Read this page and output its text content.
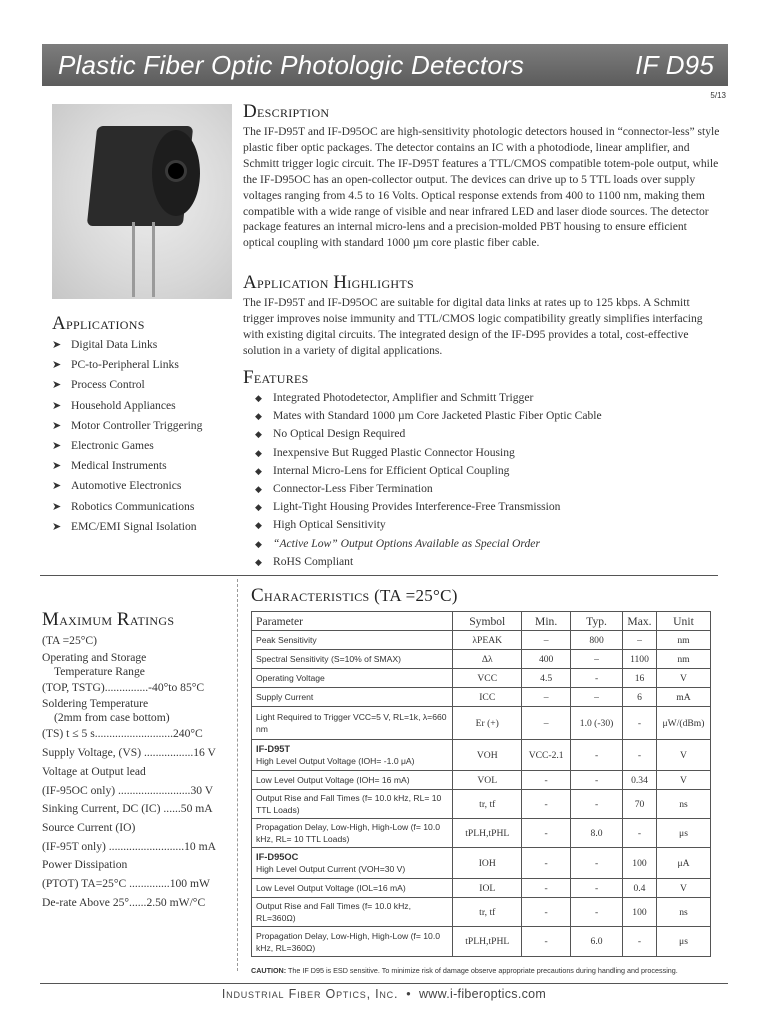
Plastic Fiber Optic Photologic Detectors	IF D95
5/13
Description

The IF-D95T and IF-D95OC are high-sensitivity photologic detectors housed in “connector-less” style plastic fiber optic packages. The detector contains an IC with a photodiode, linear amplifier, and Schmitt trigger logic circuit. The IF-D95T features a TTL/CMOS compatible totem-pole output, while the IF-D95OC has an open-collector output. The devices can drive up to 5 TTL loads over supply voltages ranging from 4.5 to 16 Volts. Optical response extends from 400 to 1100 nm, making them compatible with a wide range of visible and near infrared LED and laser diode sources. The detector package features an internal micro-lens and a precision-molded PBT housing to ensure efficient optical coupling with standard 1000 µm core plastic fiber cable.

Application Highlights

The IF-D95T and IF-D95OC are suitable for digital data links at rates up to 125 kbps. A Schmitt trigger improves noise immunity and TTL/CMOS logic compatibility greatly simplifies interfacing with existing digital circuits. The integrated design of the IF-D95 provides a total, cost-effective solution in a variety of digital applications.

Features
◆ Integrated Photodetector, Amplifier and Schmitt Trigger
◆ Mates with Standard 1000 µm Core Jacketed Plastic Fiber Optic Cable
◆ No Optical Design Required
◆ Inexpensive But Rugged Plastic Connector Housing
◆ Internal Micro-Lens for Efficient Optical Coupling
◆ Connector-Less Fiber Termination
◆ Light-Tight Housing Provides Interference-Free Transmission
◆ High Optical Sensitivity
◆ “Active Low” Output Options Available as Special Order
◆ RoHS Compliant
Applications
➤ Digital Data Links
➤ PC-to-Peripheral Links
➤ Process Control
➤ Household Appliances
➤ Motor Controller Triggering
➤ Electronic Games
➤ Medical Instruments
➤ Automotive Electronics
➤ Robotics Communications
➤ EMC/EMI Signal Isolation
Maximum Ratings
(TA =25°C)
Operating and Storage
Temperature Range
(TOP, TSTG)...............-40°to 85°C
Soldering Temperature
(2mm from case bottom)
(TS) t ≤ 5 s...........................240°C
Supply Voltage, (VS) .................16 V
Voltage at Output lead
(IF-95OC only) .........................30 V
Sinking Current, DC (IC) ......50 mA
Source Current (IO)
(IF-95T only) ..........................10 mA
Power Dissipation
(PTOT) TA=25°C ..............100 mW
De-rate Above 25°......2.50 mW/°C
Characteristics (TA =25°C)
Parameter	Symbol	Min.	Typ.	Max.	Unit
Peak Sensitivity	λPEAK	–	800	–	nm
Spectral Sensitivity (S=10% of SMAX)	Δλ	400	–	1100	nm
Operating Voltage	VCC	4.5	-	16	V
Supply Current	ICC	–	–	6	mA
Light Required to Trigger VCC=5 V, RL=1k, λ=660 nm	Er (+)	–	1.0 (-30)	-	μW/(dBm)

IF-D95T
High Level Output Voltage (IOH= -1.0 μA)	VOH	VCC-2.1	-	-	V
Low Level Output Voltage (IOH= 16 mA)	VOL	-	-	0.34	V
Output Rise and Fall Times (f= 10.0 kHz, RL= 10 TTL Loads)	tr, tf	-	-	70	ns
Propagation Delay, Low-High, High-Low (f= 10.0 kHz, RL= 10 TTL Loads)	tPLH,tPHL	-	8.0	-	μs

IF-D95OC
High Level Output Current (VOH=30 V)	IOH	-	-	100	μA
Low Level Output Voltage (IOL=16 mA)	IOL	-	-	0.4	V
Output Rise and Fall Times (f= 10.0 kHz, RL=360Ω)	tr, tf	-	-	100	ns
Propagation Delay, Low-High, High-Low (f= 10.0 kHz, RL=360Ω)	tPLH,tPHL	-	6.0	-	μs
CAUTION: The IF D95 is ESD sensitive. To minimize risk of damage observe appropriate precautions during handling and processing.
Industrial Fiber Optics, Inc. • www.i-fiberoptics.com
